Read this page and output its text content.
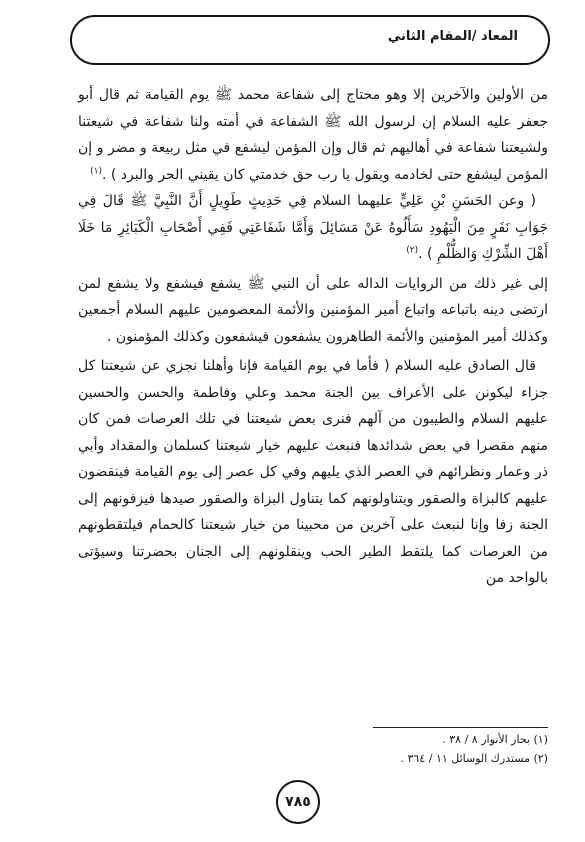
المعاد /المقام الثاني

من الأولين والآخرين إلا وهو محتاج إلى شفاعة محمد ﷺ يوم القيامة ثم قال أبو جعفر عليه السلام إن لرسول الله ﷺ الشفاعة في أمته ولنا شفاعة في شيعتنا ولشيعتنا شفاعة في أهاليهم ثم قال وإن المؤمن ليشفع في مثل ربيعة و مضر و إن المؤمن ليشفع حتى لخادمه ويقول يا رب حق خدمتي كان يقيني الحر والبرد ) .$^{(١)}$

( وعن الحَسَنِ بْنِ عَلِيٍّ عليهما السلام فِي حَدِيثٍ طَوِيلٍ أَنَّ النَّبِيَّ ﷺ قَالَ فِي جَوَابِ نَفَرٍ مِنَ الْيَهُودِ سَأَلُوهُ عَنْ مَسَائِلَ وَأَمَّا شَفَاعَتِي فَفِي أَصْحَابِ الْكَبَائِرِ مَا خَلَا أَهْلَ الشِّرْكِ وَالظُّلْمِ ) .$^{(٢)}$

إلى غير ذلك من الروايات الداله على أن النبي ﷺ يشفع فيشفع ولا يشفع لمن ارتضى دينه باتباعه واتباع أمير المؤمنين والأئمة المعصومين عليهم السلام أجمعين وكذلك أمير المؤمنين والأئمة الطاهرون يشفعون فيشفعون وكذلك المؤمنون .

قال الصادق عليه السلام ( فأما في يوم القيامة فإنا وأهلنا نجزي عن شيعتنا كل جزاء ليكونن على الأعراف بين الجنة محمد وعلي وفاطمة والحسن والحسين عليهم السلام والطيبون من آلهم فنرى بعض شيعتنا في تلك العرصات فمن كان منهم مقصرا في بعض شدائدها فنبعث عليهم خيار شيعتنا كسلمان والمقداد وأبي ذر وعمار ونظرائهم في العصر الذي يليهم وفي كل عصر إلى يوم القيامة فينقضون عليهم كالبزاة والصقور ويتناولونهم كما يتناول البزاة والصقور صيدها فيزفونهم إلى الجنة زفا وإنا لنبعث على آخرين من محبينا من خيار شيعتنا كالحمام فيلتقطونهم من العرصات كما يلتقط الطير الحب وينقلونهم إلى الجنان بحضرتنا وسيؤتى بالواحد من

(١) بحار الأنوار ٨ / ٣٨ .
(٢) مستدرك الوسائل ١١ / ٣٦٤ .
٧٨٥
